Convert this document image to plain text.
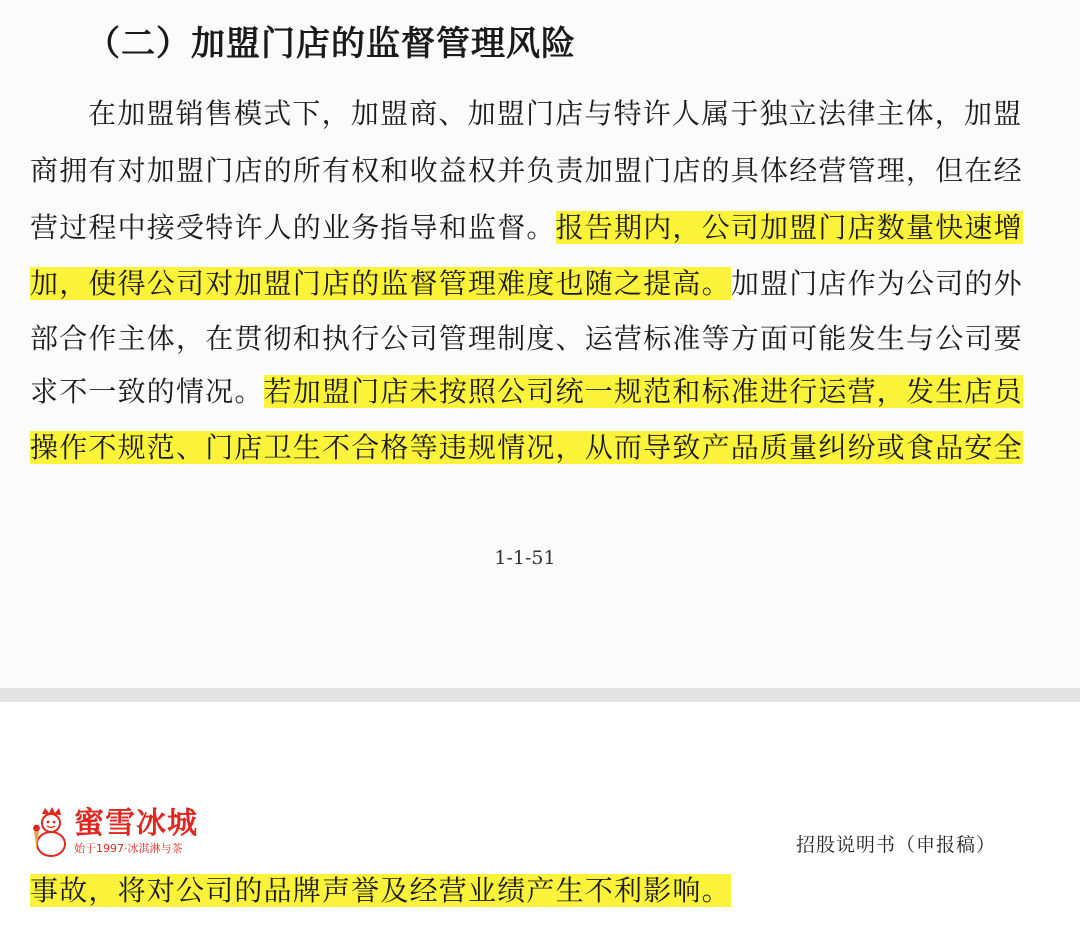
（二）加盟门店的监督管理风险
在加盟销售模式下，加盟商、加盟门店与特许人属于独立法律主体，加盟
商拥有对加盟门店的所有权和收益权并负责加盟门店的具体经营管理，但在经
营过程中接受特许人的业务指导和监督。报告期内，公司加盟门店数量快速增
加，使得公司对加盟门店的监督管理难度也随之提高。加盟门店作为公司的外
部合作主体，在贯彻和执行公司管理制度、运营标准等方面可能发生与公司要
求不一致的情况。若加盟门店未按照公司统一规范和标准进行运营，发生店员
操作不规范、门店卫生不合格等违规情况，从而导致产品质量纠纷或食品安全
1-1-51
蜜雪冰城
始于1997·冰淇淋与茶	招股说明书（申报稿）
事故，将对公司的品牌声誉及经营业绩产生不利影响。
